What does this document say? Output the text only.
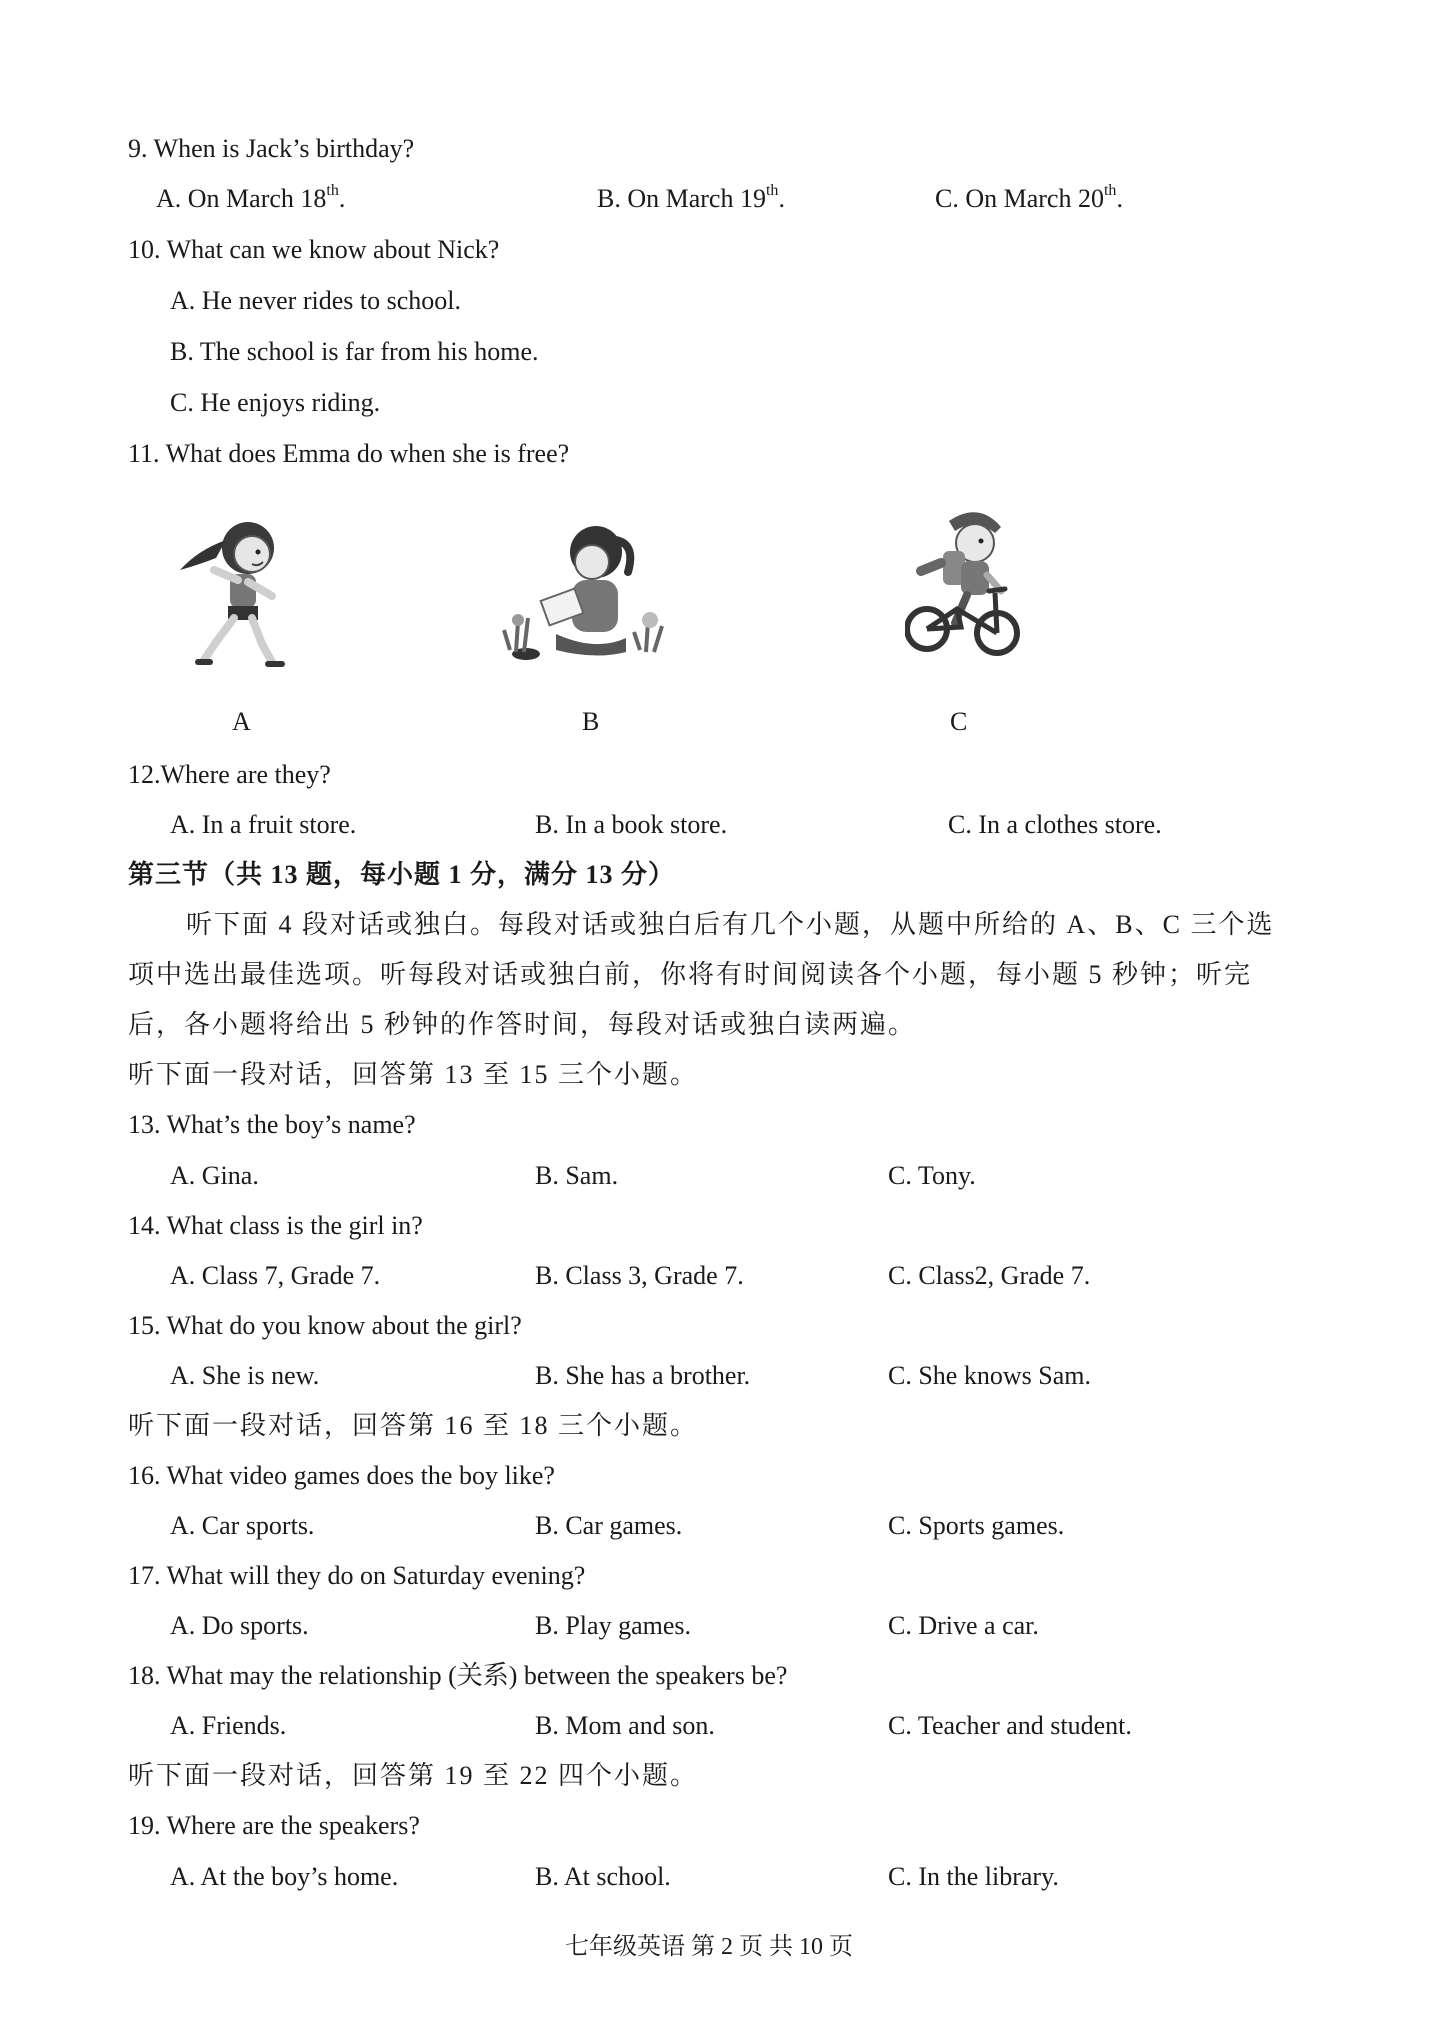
9. When is Jack’s birthday?
A. On March 18th.	B. On March 19th.	C. On March 20th.
10. What can we know about Nick?
A. He never rides to school.
B. The school is far from his home.
C. He enjoys riding.
11. What does Emma do when she is free?
A	B	C
12.Where are they?
A. In a fruit store.	B. In a book store.	C. In a clothes store.
第三节（共 13 题，每小题 1 分，满分 13 分）
听下面 4 段对话或独白。每段对话或独白后有几个小题，从题中所给的 A、B、C 三个选
项中选出最佳选项。听每段对话或独白前，你将有时间阅读各个小题，每小题 5 秒钟；听完
后，各小题将给出 5 秒钟的作答时间，每段对话或独白读两遍。
听下面一段对话，回答第 13 至 15 三个小题。
13. What’s the boy’s name?
A. Gina.	B. Sam.	C. Tony.
14. What class is the girl in?
A. Class 7, Grade 7.	B. Class 3, Grade 7.	C. Class2, Grade 7.
15. What do you know about the girl?
A. She is new.	B. She has a brother.	C. She knows Sam.
听下面一段对话，回答第 16 至 18 三个小题。
16. What video games does the boy like?
A. Car sports.	B. Car games.	C. Sports games.
17. What will they do on Saturday evening?
A. Do sports.	B. Play games.	C. Drive a car.
18. What may the relationship (关系) between the speakers be?
A. Friends.	B. Mom and son.	C. Teacher and student.
听下面一段对话，回答第 19 至 22 四个小题。
19. Where are the speakers?
A. At the boy’s home.	B. At school.	C. In the library.
七年级英语 第 2 页 共 10 页
